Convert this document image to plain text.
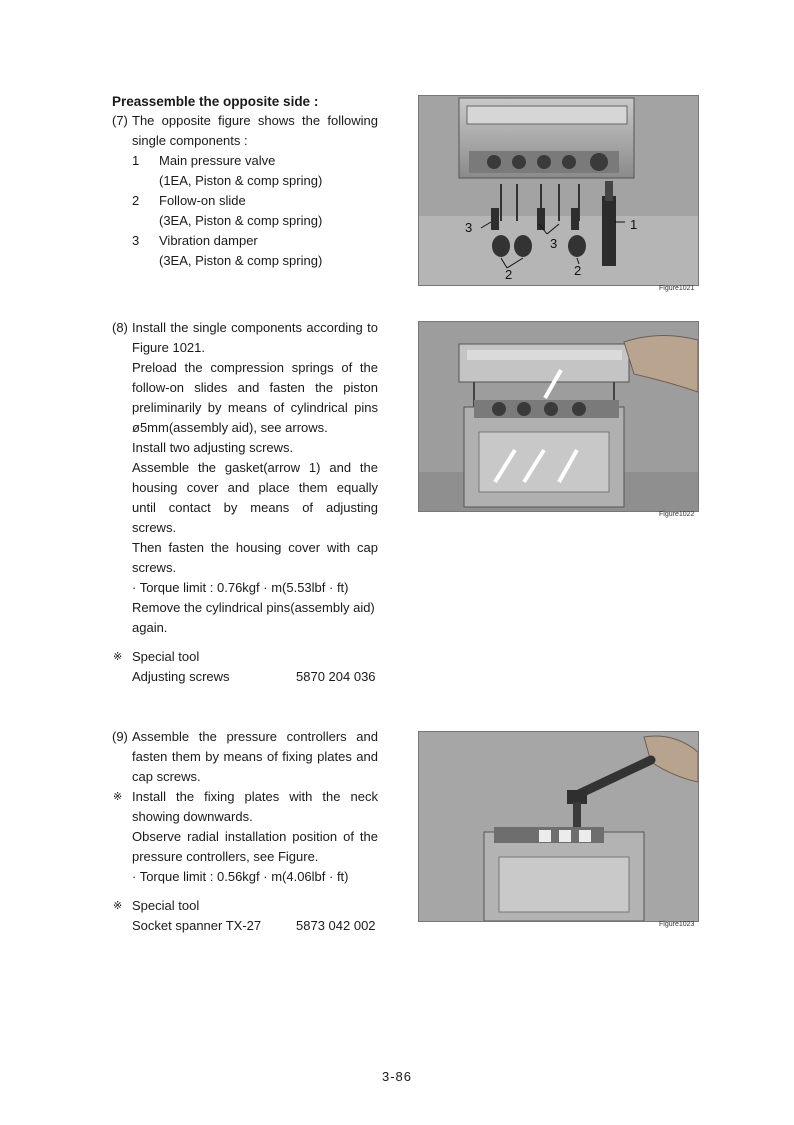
Preassemble the opposite side :
(7) The opposite figure shows the following
single components :
1 Main pressure valve
(1EA, Piston & comp spring)
2 Follow-on slide
(3EA, Piston & comp spring)
3 Vibration damper
(3EA, Piston & comp spring)
3
3
1
2	2
Figure1021
(8) Install the single components according to
Figure 1021.
Preload the compression springs of the
follow-on slides and fasten the piston
preliminarily by means of cylindrical pins
ø5mm(assembly aid), see arrows.
Install two adjusting screws.
Assemble the gasket(arrow 1) and the
housing cover and place them equally
until contact by means of adjusting
screws.
Then fasten the housing cover with cap
screws.
· Torque limit : 0.76kgf · m(5.53lbf · ft)
Remove the cylindrical pins(assembly aid)
again.
※ Special tool
Adjusting screws	5870 204 036
Figure1022
(9) Assemble the pressure controllers and
fasten them by means of fixing plates and
cap screws.
※ Install the fixing plates with the neck
showing downwards.
Observe radial installation position of the
pressure controllers, see Figure.
· Torque limit : 0.56kgf · m(4.06lbf · ft)
※ Special tool
Socket spanner TX-27	5873 042 002	Figure1023
3-86
